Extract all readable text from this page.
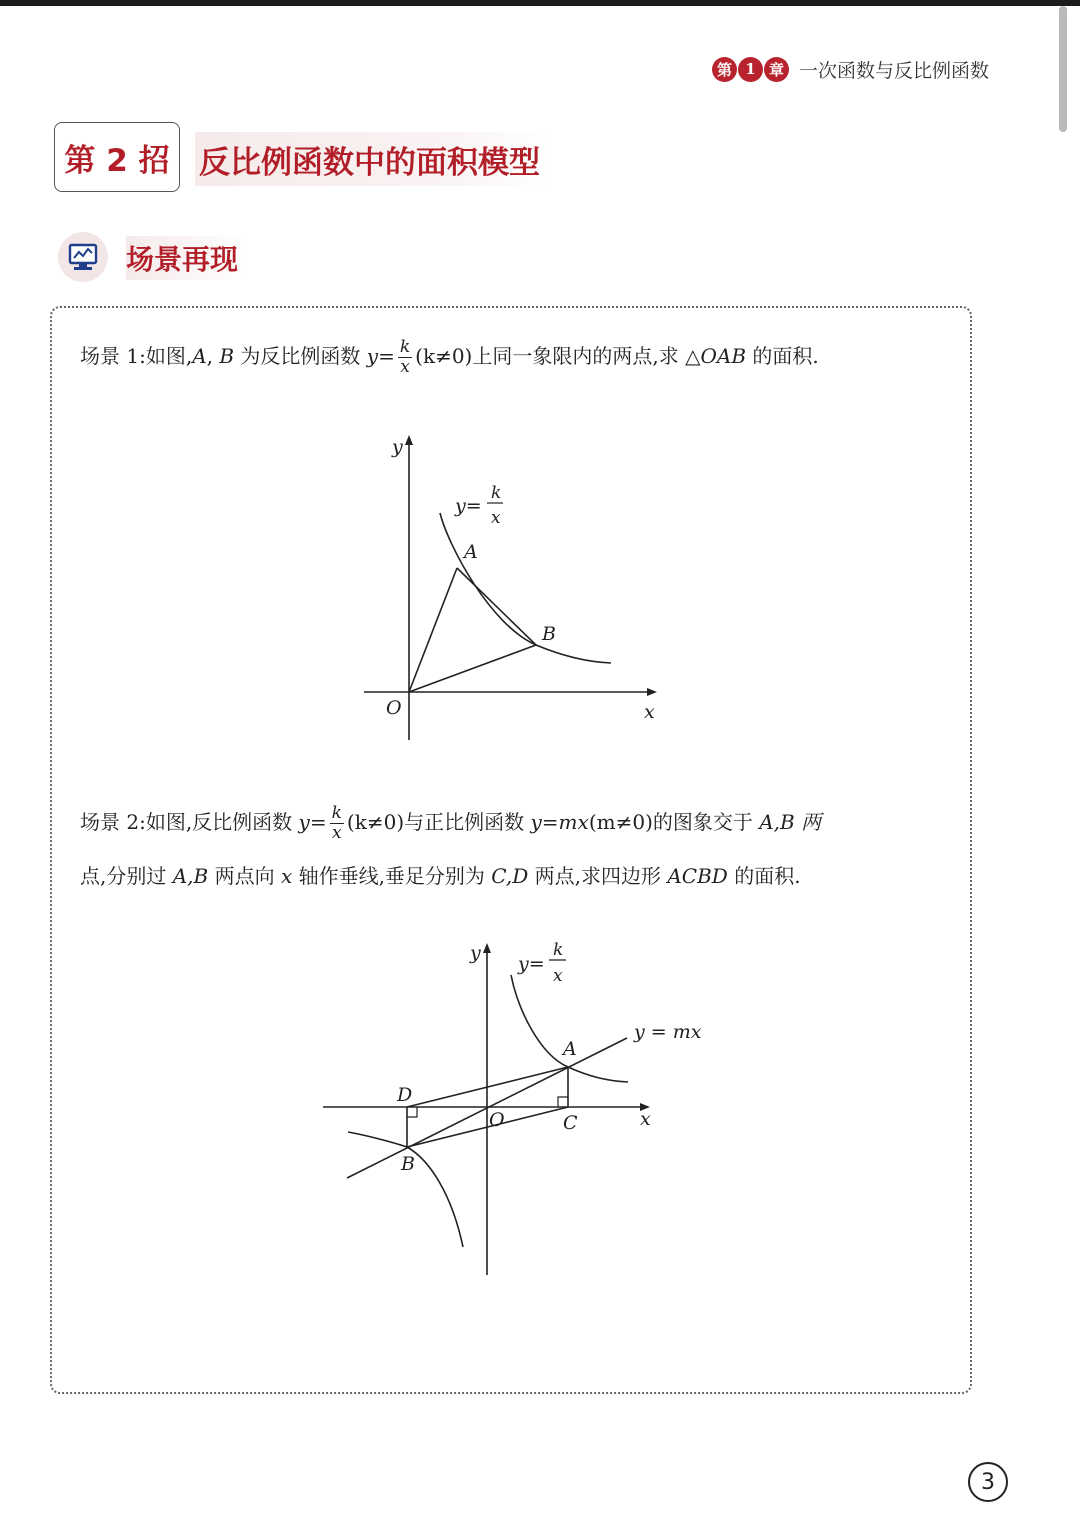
第 1 章 一次函数与反比例函数
第 2 招 反比例函数中的面积模型
场景再现
场景 1:如图,A, B 为反比例函数 $y= \frac{k}{x} (k\ne 0)$上同一象限内的两点,求 △OAB 的面积.
y
x
O
A
B
y=
k
x
场景 2:如图,反比例函数 $y= \frac{k}{x} (k\ne 0)$与正比例函数 y=mx(m≠0)的图象交于 A,B 两
点,分别过 A,B 两点向 x 轴作垂线,垂足分别为 C,D 两点,求四边形 ACBD 的面积.
y
x
O
A
B
C
D
y=
k
x
y = mx
3
